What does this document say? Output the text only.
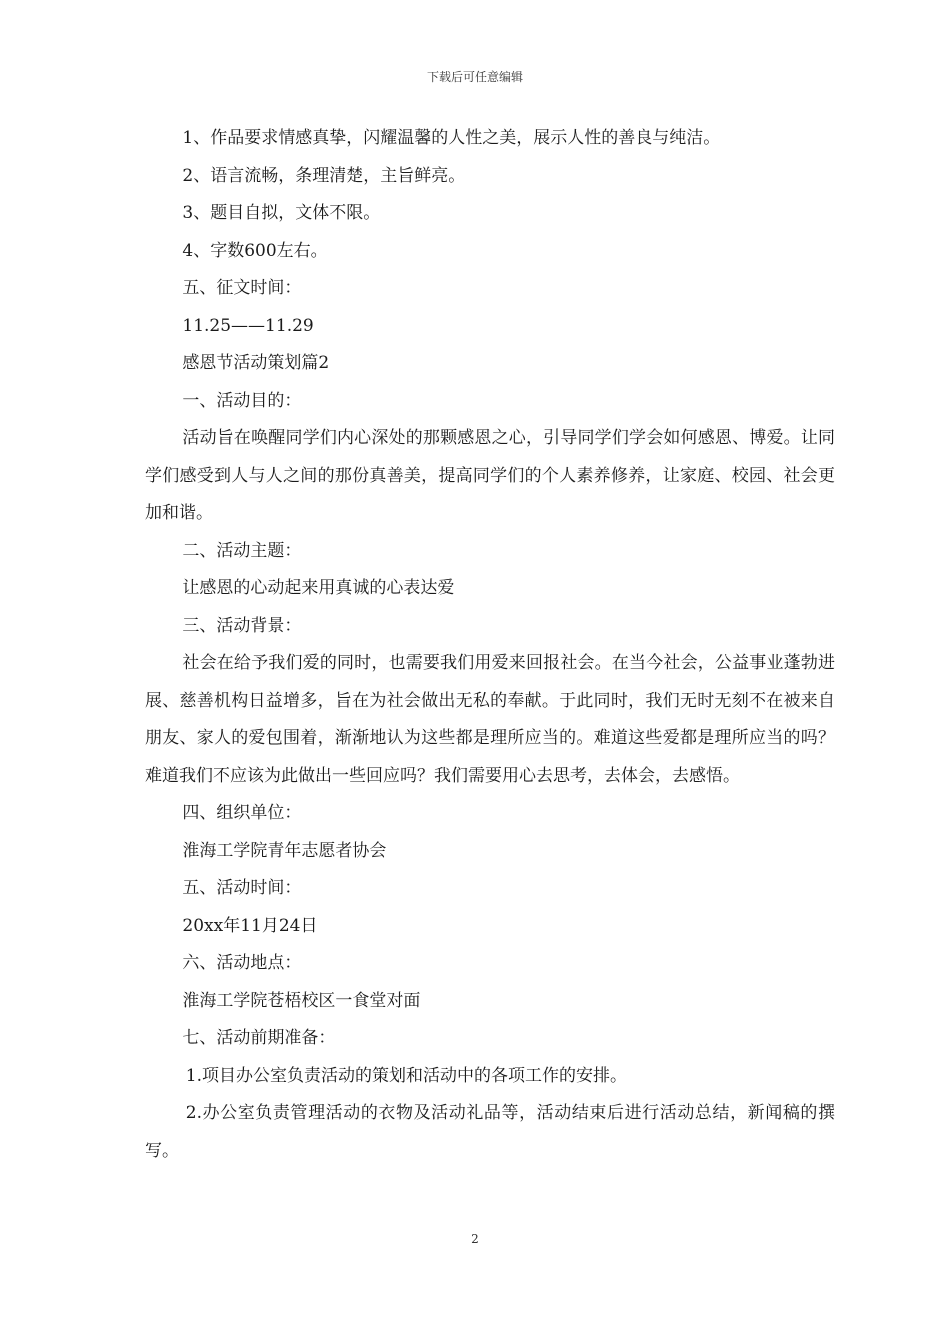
下载后可任意编辑

1、作品要求情感真挚，闪耀温馨的人性之美，展示人性的善良与纯洁。

2、语言流畅，条理清楚，主旨鲜亮。

3、题目自拟，文体不限。

4、字数600左右。

五、征文时间：

11.25——11.29

感恩节活动策划篇2

一、活动目的：

活动旨在唤醒同学们内心深处的那颗感恩之心，引导同学们学会如何感恩、博爱。让同学们感受到人与人之间的那份真善美，提高同学们的个人素养修养，让家庭、校园、社会更加和谐。

二、活动主题：

让感恩的心动起来用真诚的心表达爱

三、活动背景：

社会在给予我们爱的同时，也需要我们用爱来回报社会。在当今社会，公益事业蓬勃进展、慈善机构日益增多，旨在为社会做出无私的奉献。于此同时，我们无时无刻不在被来自朋友、家人的爱包围着，渐渐地认为这些都是理所应当的。难道这些爱都是理所应当的吗？难道我们不应该为此做出一些回应吗？我们需要用心去思考，去体会，去感悟。

四、组织单位：

淮海工学院青年志愿者协会

五、活动时间：

20xx年11月24日

六、活动地点：

淮海工学院苍梧校区一食堂对面

七、活动前期准备：

1.项目办公室负责活动的策划和活动中的各项工作的安排。

2.办公室负责管理活动的衣物及活动礼品等，活动结束后进行活动总结，新闻稿的撰写。

2
